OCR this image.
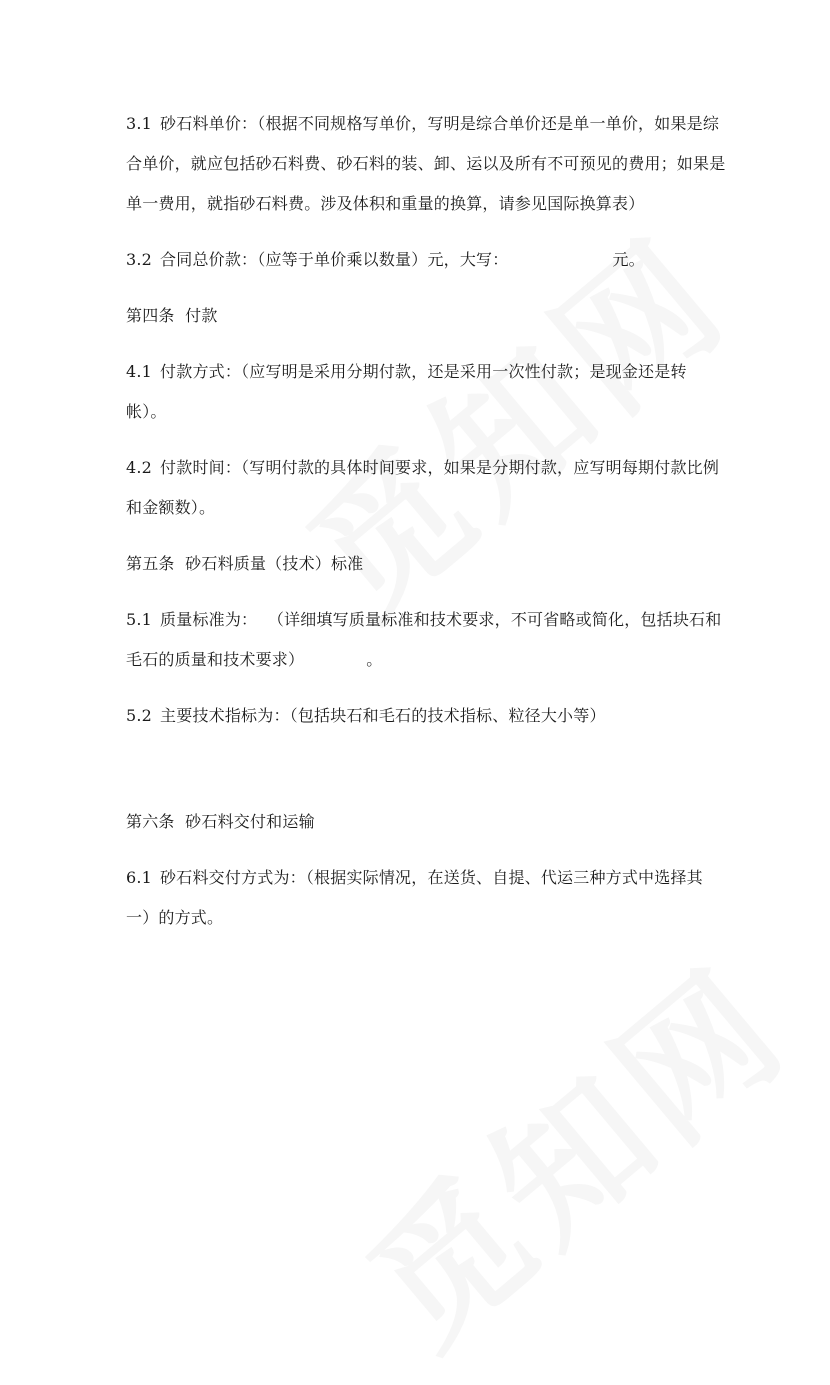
3.1 砂石料单价：（根据不同规格写单价，写明是综合单价还是单一单价，如果是综合单价，就应包括砂石料费、砂石料的装、卸、运以及所有不可预见的费用；如果是单一费用，就指砂石料费。涉及体积和重量的换算，请参见国际换算表）

3.2 合同总价款：（应等于单价乘以数量）元，大写：	元。

第四条  付款

4.1 付款方式：（应写明是采用分期付款，还是采用一次性付款；是现金还是转帐）。

4.2 付款时间：（写明付款的具体时间要求，如果是分期付款，应写明每期付款比例和金额数）。

第五条  砂石料质量（技术）标准

5.1 质量标准为：  （详细填写质量标准和技术要求，不可省略或简化，包括块石和毛石的质量和技术要求）	。

5.2 主要技术指标为：（包括块石和毛石的技术指标、粒径大小等）

第六条  砂石料交付和运输

6.1 砂石料交付方式为：（根据实际情况，在送货、自提、代运三种方式中选择其一）的方式。
